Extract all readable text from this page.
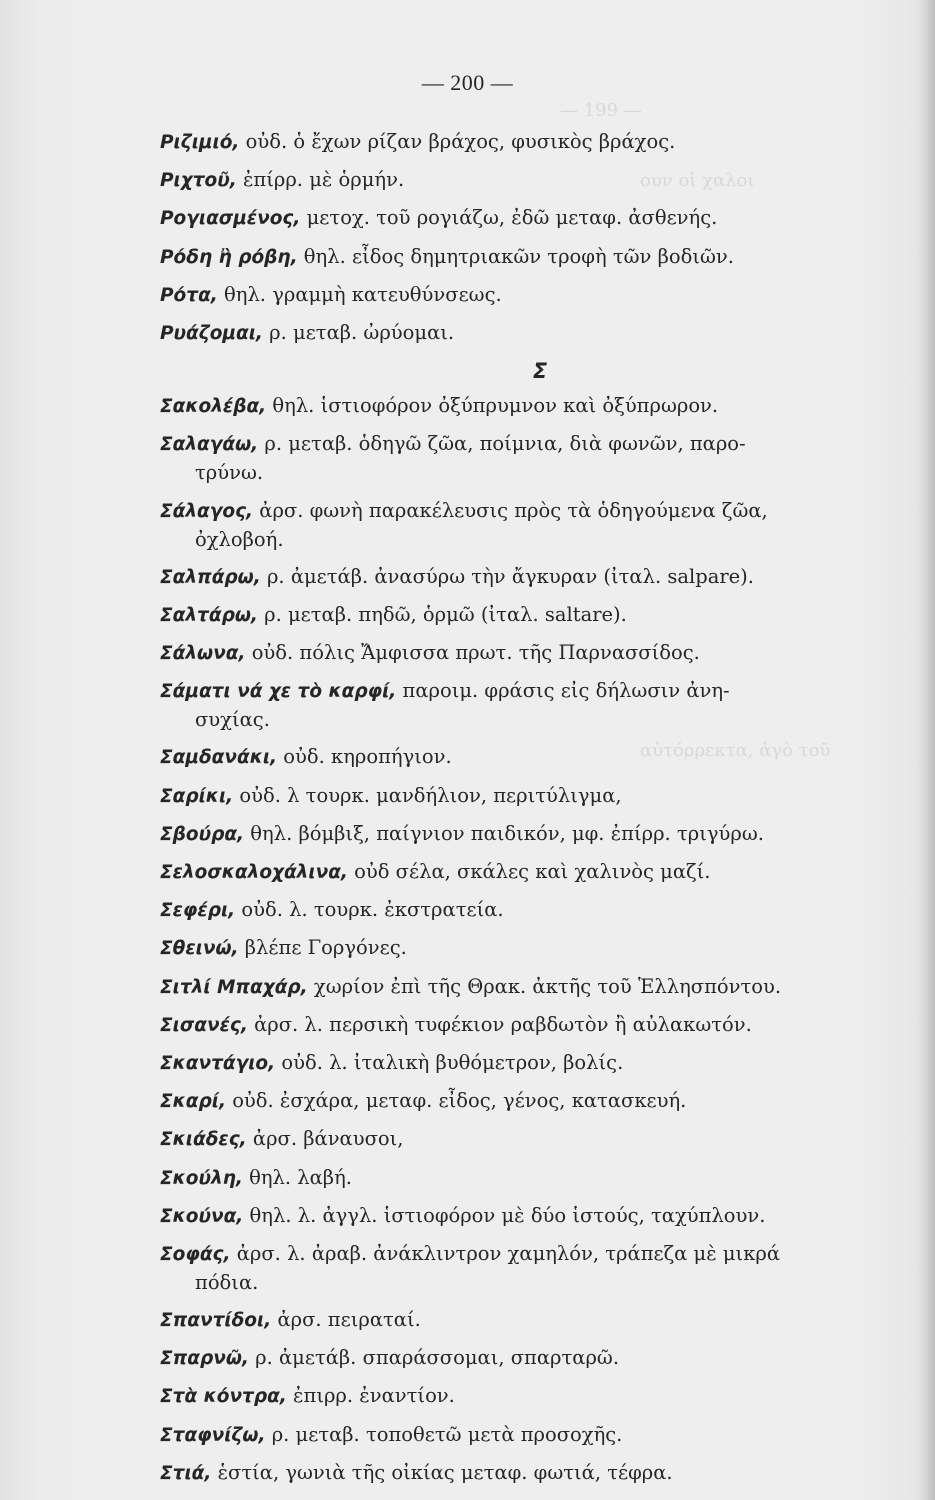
— 199 —
ουν οἱ χαλοι
αὐτόρρεκτα, ἀγὸ τοῦ
— 200 —
Ριζιμιό, οὐδ. ὁ ἔχων ρίζαν βράχος, φυσικὸς βράχος.
Ριχτοῦ, ἐπίρρ. μὲ ὁρμήν.
Ρογιασμένος, μετοχ. τοῦ ρογιάζω, ἐδῶ μεταφ. ἀσθενής.
Ρόδη ἢ ρόβη, θηλ. εἶδος δημητριακῶν τροφὴ τῶν βοδιῶν.
Ρότα, θηλ. γραμμὴ κατευθύνσεως.
Ρυάζομαι, ρ. μεταβ. ὠρύομαι.
Σ
Σακολέβα, θηλ. ἱστιοφόρον ὀξύπρυμνον καὶ ὀξύπρωρον.
Σαλαγάω, ρ. μεταβ. ὁδηγῶ ζῶα, ποίμνια, διὰ φωνῶν, παρο-
τρύνω.
Σάλαγος, ἀρσ. φωνὴ παρακέλευσις πρὸς τὰ ὁδηγούμενα ζῶα,
ὀχλοβοή.
Σαλπάρω, ρ. ἀμετάβ. ἀνασύρω τὴν ἄγκυραν (ἰταλ. salpare).
Σαλτάρω, ρ. μεταβ. πηδῶ, ὁρμῶ (ἰταλ. saltare).
Σάλωνα, οὐδ. πόλις Ἄμφισσα πρωτ. τῆς Παρνασσίδος.
Σάματι νά χε τὸ καρφί, παροιμ. φράσις εἰς δήλωσιν ἀνη-
συχίας.
Σαμδανάκι, οὐδ. κηροπήγιον.
Σαρίκι, οὐδ. λ τουρκ. μανδήλιον, περιτύλιγμα,
Σβούρα, θηλ. βόμβιξ, παίγνιον παιδικόν, μφ. ἐπίρρ. τριγύρω.
Σελοσκαλοχάλινα, οὐδ σέλα, σκάλες καὶ χαλινὸς μαζί.
Σεφέρι, οὐδ. λ. τουρκ. ἐκστρατεία.
Σθεινώ, βλέπε Γοργόνες.
Σιτλί Μπαχάρ, χωρίον ἐπὶ τῆς Θρακ. ἀκτῆς τοῦ Ἑλλησπόντου.
Σισανές, ἀρσ. λ. περσικὴ τυφέκιον ραβδωτὸν ἢ αὐλακωτόν.
Σκαντάγιο, οὐδ. λ. ἰταλικὴ βυθόμετρον, βολίς.
Σκαρί, οὐδ. ἐσχάρα, μεταφ. εἶδος, γένος, κατασκευή.
Σκιάδες, ἀρσ. βάναυσοι,
Σκούλη, θηλ. λαβή.
Σκούνα, θηλ. λ. ἀγγλ. ἱστιοφόρον μὲ δύο ἱστούς, ταχύπλουν.
Σοφάς, ἀρσ. λ. ἀραβ. ἀνάκλιντρον χαμηλόν, τράπεζα μὲ μικρά
πόδια.
Σπαντίδοι, ἀρσ. πειραταί.
Σπαρνῶ, ρ. ἀμετάβ. σπαράσσομαι, σπαρταρῶ.
Στὰ κόντρα, ἐπιρρ. ἐναντίον.
Σταφνίζω, ρ. μεταβ. τοποθετῶ μετὰ προσοχῆς.
Στιά, ἑστία, γωνιὰ τῆς οἰκίας μεταφ. φωτιά, τέφρα.
